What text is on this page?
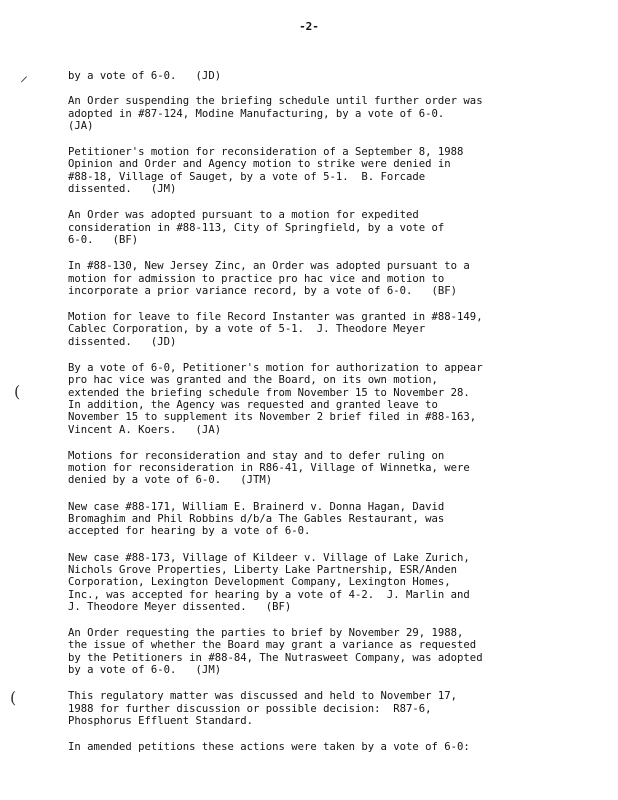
-2-
⸝
(
(

by a vote of 6-0.   (JD)

An Order suspending the briefing schedule until further order was
adopted in #87-124, Modine Manufacturing, by a vote of 6-0.
(JA)

Petitioner's motion for reconsideration of a September 8, 1988
Opinion and Order and Agency motion to strike were denied in
#88-18, Village of Sauget, by a vote of 5-1.  B. Forcade
dissented.   (JM)

An Order was adopted pursuant to a motion for expedited
consideration in #88-113, City of Springfield, by a vote of
6-0.   (BF)

In #88-130, New Jersey Zinc, an Order was adopted pursuant to a
motion for admission to practice pro hac vice and motion to
incorporate a prior variance record, by a vote of 6-0.   (BF)

Motion for leave to file Record Instanter was granted in #88-149,
Cablec Corporation, by a vote of 5-1.  J. Theodore Meyer
dissented.   (JD)

By a vote of 6-0, Petitioner's motion for authorization to appear
pro hac vice was granted and the Board, on its own motion,
extended the briefing schedule from November 15 to November 28.
In addition, the Agency was requested and granted leave to
November 15 to supplement its November 2 brief filed in #88-163,
Vincent A. Koers.   (JA)

Motions for reconsideration and stay and to defer ruling on
motion for reconsideration in R86-41, Village of Winnetka, were
denied by a vote of 6-0.   (JTM)

New case #88-171, William E. Brainerd v. Donna Hagan, David
Bromaghim and Phil Robbins d/b/a The Gables Restaurant, was
accepted for hearing by a vote of 6-0.

New case #88-173, Village of Kildeer v. Village of Lake Zurich,
Nichols Grove Properties, Liberty Lake Partnership, ESR/Anden
Corporation, Lexington Development Company, Lexington Homes,
Inc., was accepted for hearing by a vote of 4-2.  J. Marlin and
J. Theodore Meyer dissented.   (BF)

An Order requesting the parties to brief by November 29, 1988,
the issue of whether the Board may grant a variance as requested
by the Petitioners in #88-84, The Nutrasweet Company, was adopted
by a vote of 6-0.   (JM)

This regulatory matter was discussed and held to November 17,
1988 for further discussion or possible decision:  R87-6,
Phosphorus Effluent Standard.

In amended petitions these actions were taken by a vote of 6-0:
